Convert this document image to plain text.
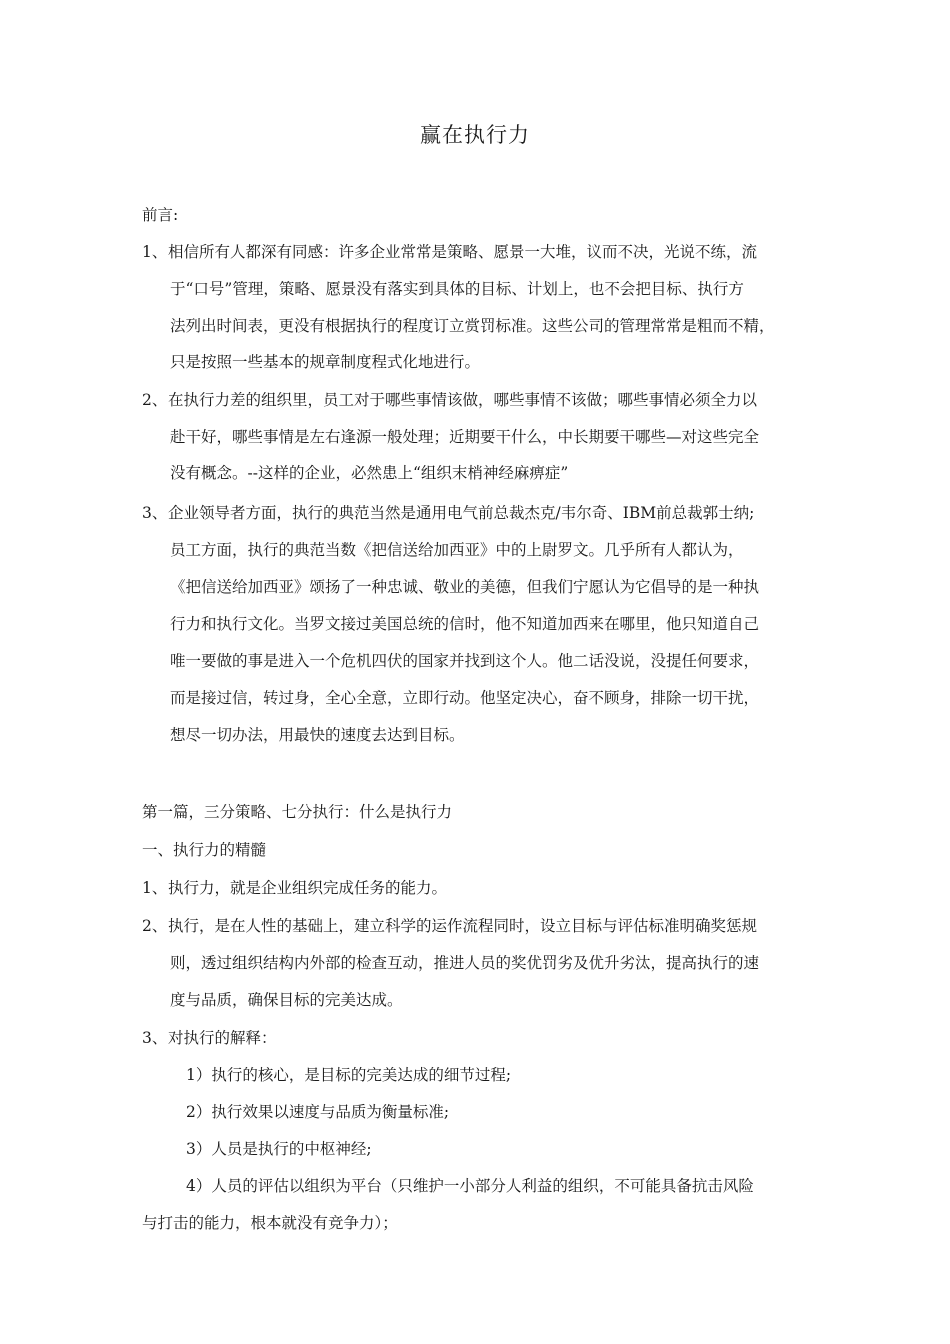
赢在执行力
前言:
1、 相信所有人都深有同感：许多企业常常是策略、愿景一大堆，议而不决，光说不练，流
于“口号”管理，策略、愿景没有落实到具体的目标、计划上，也不会把目标、执行方
法列出时间表，更没有根据执行的程度订立赏罚标准。这些公司的管理常常是粗而不精，
只是按照一些基本的规章制度程式化地进行。
2、 在执行力差的组织里，员工对于哪些事情该做，哪些事情不该做；哪些事情必须全力以
赴干好，哪些事情是左右逢源一般处理；近期要干什么，中长期要干哪些—对这些完全
没有概念。--这样的企业，必然患上“组织末梢神经麻痹症”
3、 企业领导者方面，执行的典范当然是通用电气前总裁杰克/韦尔奇、IBM前总裁郭士纳;
员工方面，执行的典范当数《把信送给加西亚》中的上尉罗文。几乎所有人都认为，
《把信送给加西亚》颂扬了一种忠诚、敬业的美德，但我们宁愿认为它倡导的是一种执
行力和执行文化。当罗文接过美国总统的信时，他不知道加西来在哪里，他只知道自己
唯一要做的事是进入一个危机四伏的国家并找到这个人。他二话没说，没提任何要求，
而是接过信，转过身，全心全意，立即行动。他坚定决心，奋不顾身，排除一切干扰，
想尽一切办法，用最快的速度去达到目标。
第一篇，三分策略、七分执行：什么是执行力
一、执行力的精髓
1、 执行力，就是企业组织完成任务的能力。
2、 执行，是在人性的基础上，建立科学的运作流程同时，设立目标与评估标准明确奖惩规
则，透过组织结构内外部的检查互动，推进人员的奖优罚劣及优升劣汰，提高执行的速
度与品质，确保目标的完美达成。
3、 对执行的解释：
1）执行的核心，是目标的完美达成的细节过程;
2）执行效果以速度与品质为衡量标准;
3）人员是执行的中枢神经;
4）人员的评估以组织为平台（只维护一小部分人利益的组织，不可能具备抗击风险
与打击的能力，根本就没有竞争力）；
